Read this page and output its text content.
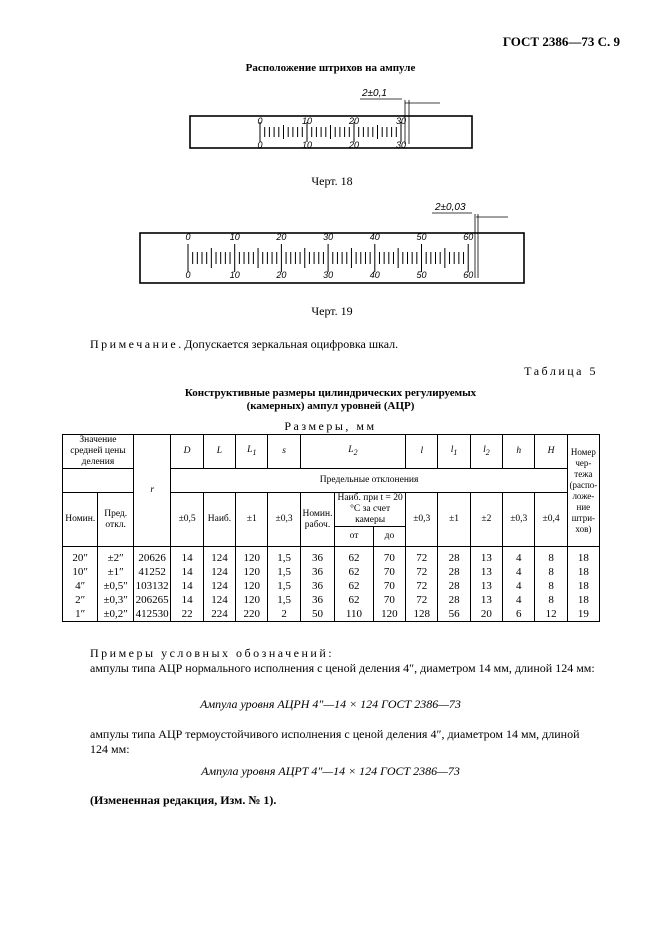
ГОСТ 2386—73 С. 9
Расположение штрихов на ампуле
0	10	20	30
0	10	20	30
2±0,1
Черт. 18
0	10	20	30	40	50	60
0	10	20	30	40	50	60
2±0,03
Черт. 19
Примечание. Допускается зеркальная оцифровка шкал.
Таблица 5
Конструктивные размеры цилиндрических регулируемых
(камерных) ампул уровней (АЦР)
Размеры, мм
Значение средней цены деления		r	D	L	$L_1$	s	$L_2$			l	$l_1$	$l_2$	h	H	Номер чер-тежа (распо-ложе-ние штри-хов)
			Предельные отклонения												
Номин.	Пред. откл.		±0,5	Наиб.	±1	±0,3	Номин. рабоч.	Наиб. при t = 20 °С за счет камеры		±0,3	±1	±2	±0,3	±0,4	
								от	до						
20″	±2″	20626	14	124	120	1,5	36	62	70	72	28	13	4	8	18
10″	±1″	41252	14	124	120	1,5	36	62	70	72	28	13	4	8	18
4″	±0,5″	103132	14	124	120	1,5	36	62	70	72	28	13	4	8	18
2″	±0,3″	206265	14	124	120	1,5	36	62	70	72	28	13	4	8	18
1″	±0,2″	412530	22	224	220	2	50	110	120	128	56	20	6	12	19
Примеры условных обозначений:
ампулы типа АЦР нормального исполнения с ценой деления 4″, диаметром 14 мм, длиной 124 мм:
Ампула уровня АЦРН 4″—14 × 124 ГОСТ 2386—73
ампулы типа АЦР термоустойчивого исполнения с ценой деления 4″, диаметром 14 мм, длиной 124 мм:
Ампула уровня АЦРТ 4″—14 × 124 ГОСТ 2386—73
(Измененная редакция, Изм. № 1).
